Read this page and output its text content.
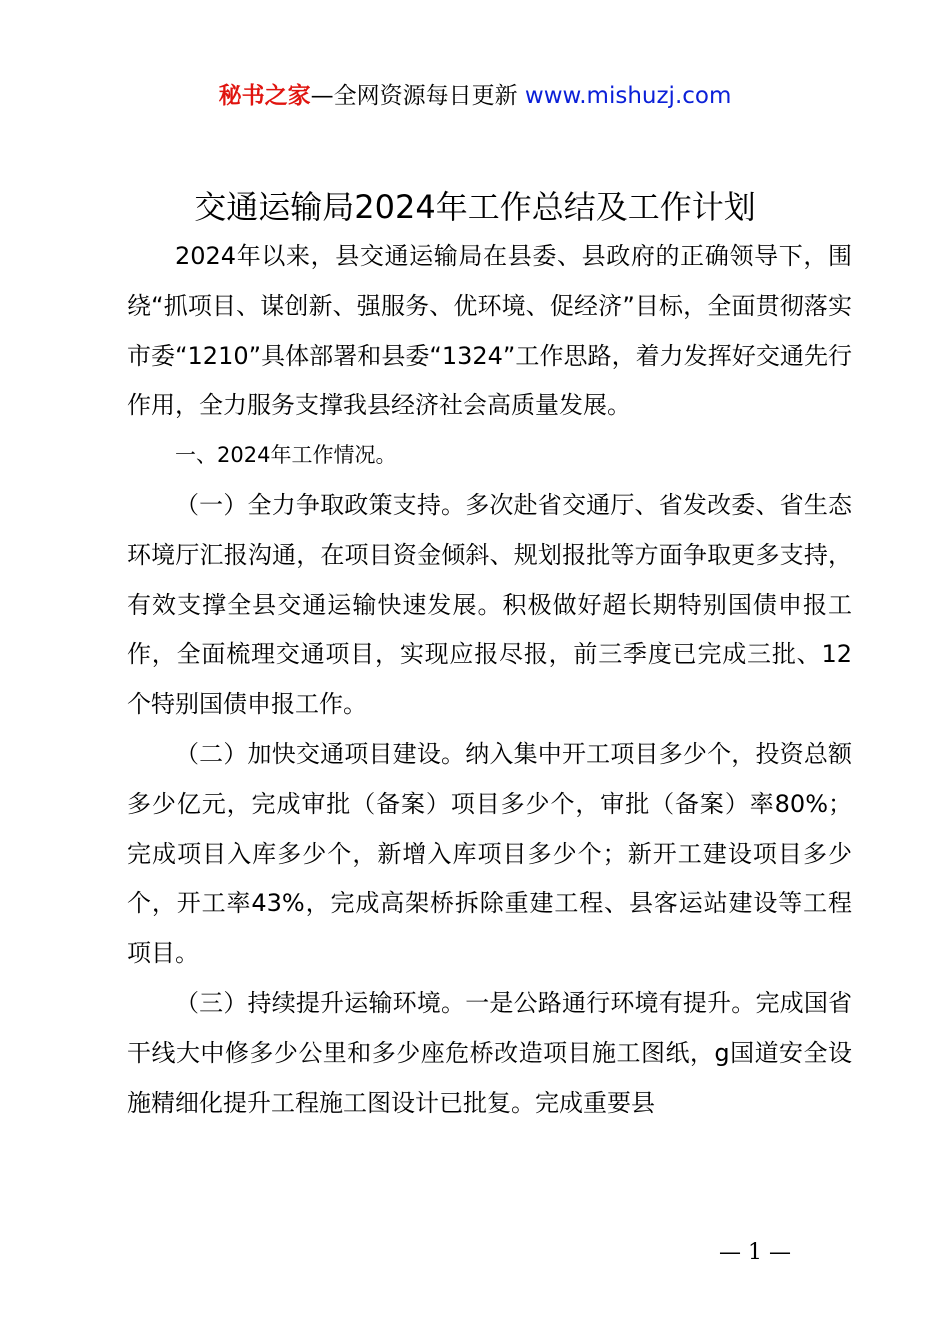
秘书之家—全网资源每日更新 www.mishuzj.com
交通运输局2024年工作总结及工作计划

2024年以来，县交通运输局在县委、县政府的正确领导下，围绕“抓项目、谋创新、强服务、优环境、促经济”目标，全面贯彻落实市委“1210”具体部署和县委“1324”工作思路，着力发挥好交通先行作用，全力服务支撑我县经济社会高质量发展。

一、2024年工作情况。

（一）全力争取政策支持。多次赴省交通厅、省发改委、省生态环境厅汇报沟通，在项目资金倾斜、规划报批等方面争取更多支持，有效支撑全县交通运输快速发展。积极做好超长期特别国债申报工作，全面梳理交通项目，实现应报尽报，前三季度已完成三批、12个特别国债申报工作。

（二）加快交通项目建设。纳入集中开工项目多少个，投资总额多少亿元，完成审批（备案）项目多少个，审批（备案）率80%；完成项目入库多少个，新增入库项目多少个；新开工建设项目多少个，开工率43%，完成高架桥拆除重建工程、县客运站建设等工程项目。

（三）持续提升运输环境。一是公路通行环境有提升。完成国省干线大中修多少公里和多少座危桥改造项目施工图纸，g国道安全设施精细化提升工程施工图设计已批复。完成重要县

— 1 —
